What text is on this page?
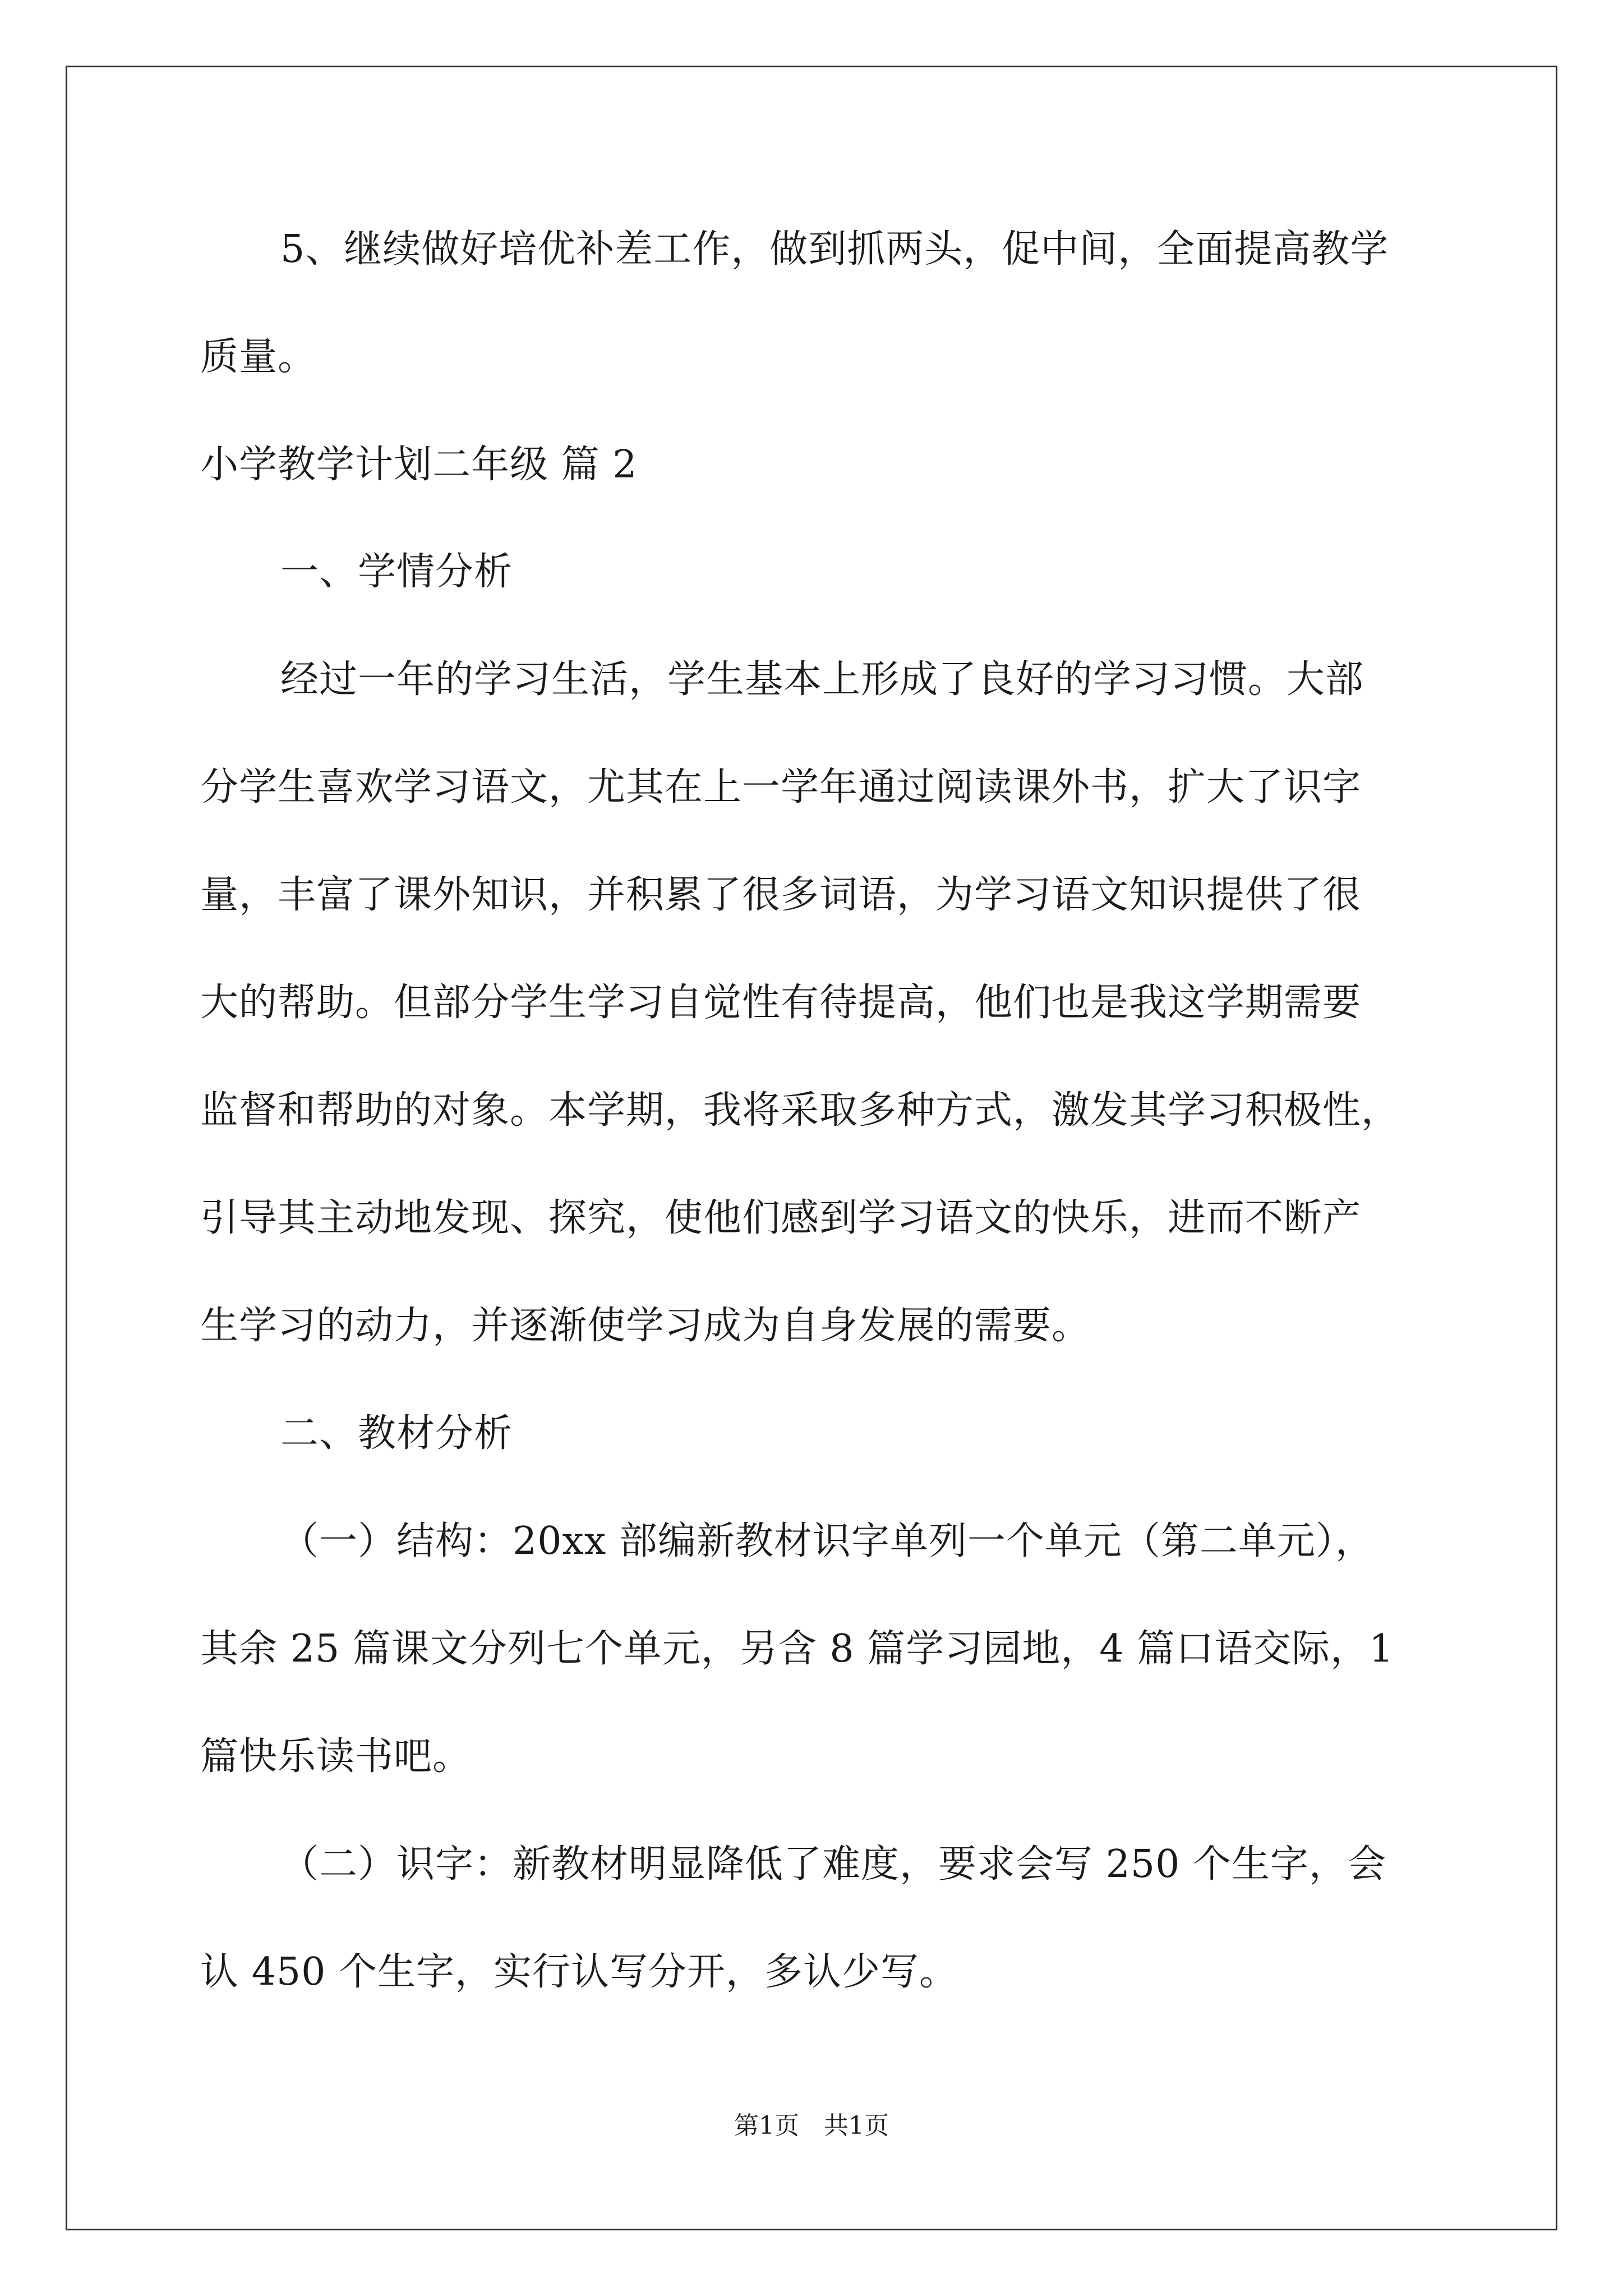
5、继续做好培优补差工作，做到抓两头，促中间，全面提高教学
质量。
小学教学计划二年级 篇 2
一、学情分析
经过一年的学习生活，学生基本上形成了良好的学习习惯。大部
分学生喜欢学习语文，尤其在上一学年通过阅读课外书，扩大了识字
量，丰富了课外知识，并积累了很多词语，为学习语文知识提供了很
大的帮助。但部分学生学习自觉性有待提高，他们也是我这学期需要
监督和帮助的对象。本学期，我将采取多种方式，激发其学习积极性，
引导其主动地发现、探究，使他们感到学习语文的快乐，进而不断产
生学习的动力，并逐渐使学习成为自身发展的需要。
二、教材分析
（一）结构：20xx 部编新教材识字单列一个单元（第二单元），
其余 25 篇课文分列七个单元，另含 8 篇学习园地，4 篇口语交际，1
篇快乐读书吧。
（二）识字：新教材明显降低了难度，要求会写 250 个生字，会
认 450 个生字，实行认写分开，多认少写。
第1页　共1页
